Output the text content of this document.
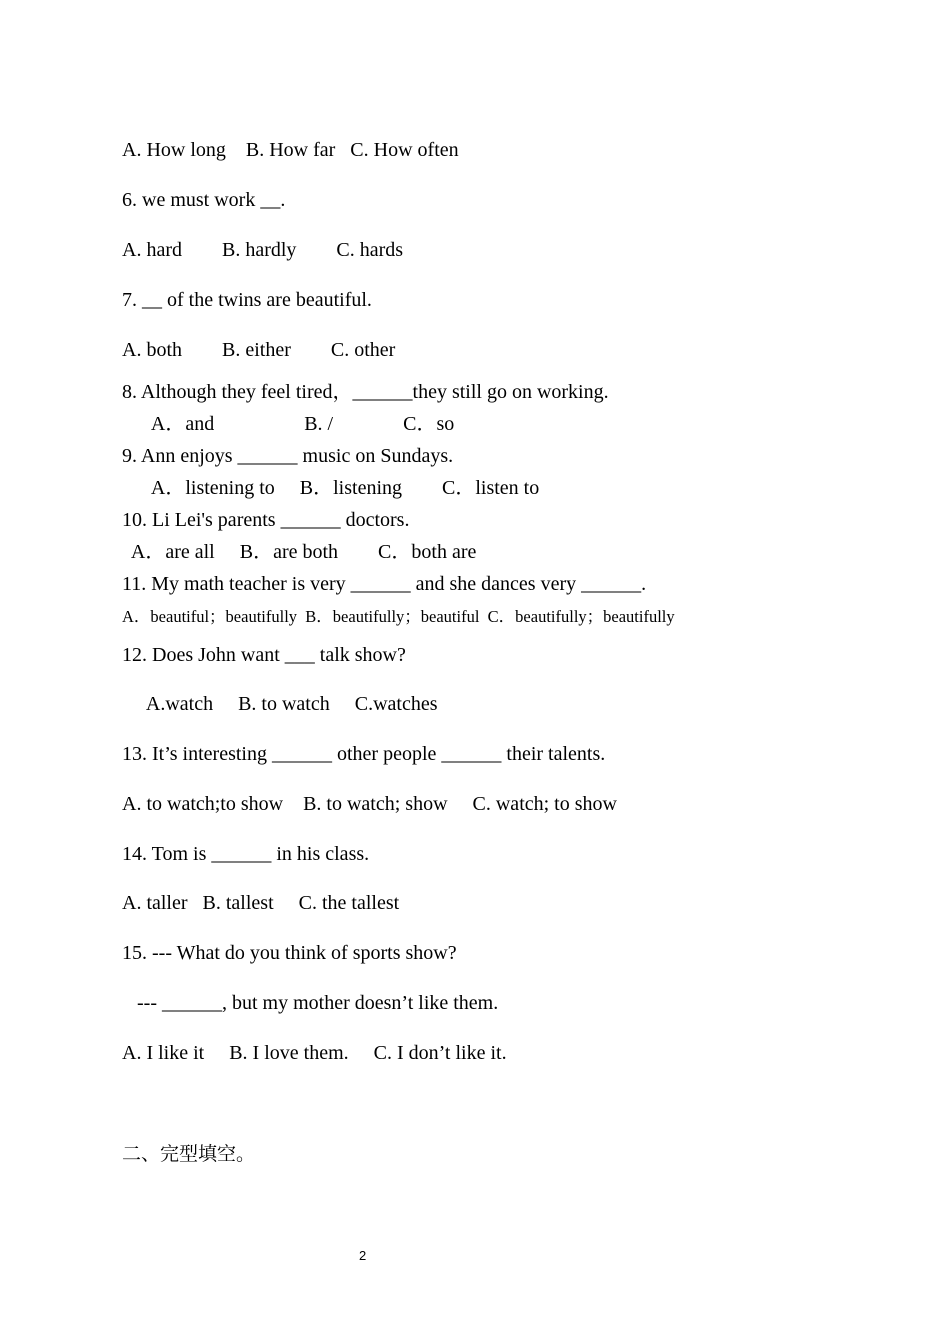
A. How long    B. How far   C. How often
6. we must work __.
A. hard        B. hardly        C. hards
7. __ of the twins are beautiful.
A. both        B. either        C. other
8. Although they feel tired，______they still go on working.
A．and                  B. /              C．so
9. Ann enjoys ______ music on Sundays.
A．listening to     B．listening        C．listen to
10. Li Lei's parents ______ doctors.
A．are all     B．are both        C．both are
11. My math teacher is very ______ and she dances very ______.
A．beautiful；beautifully  B．beautifully；beautiful  C．beautifully；beautifully
12. Does John want ___ talk show?
A.watch     B. to watch     C.watches
13. It’s interesting ______ other people ______ their talents.
A. to watch;to show    B. to watch; show     C. watch; to show
14. Tom is ______ in his class.
A. taller   B. tallest     C. the tallest
15. --- What do you think of sports show?
--- ______, but my mother doesn’t like them.
A. I like it     B. I love them.     C. I don’t like it.
二、完型填空。
2
